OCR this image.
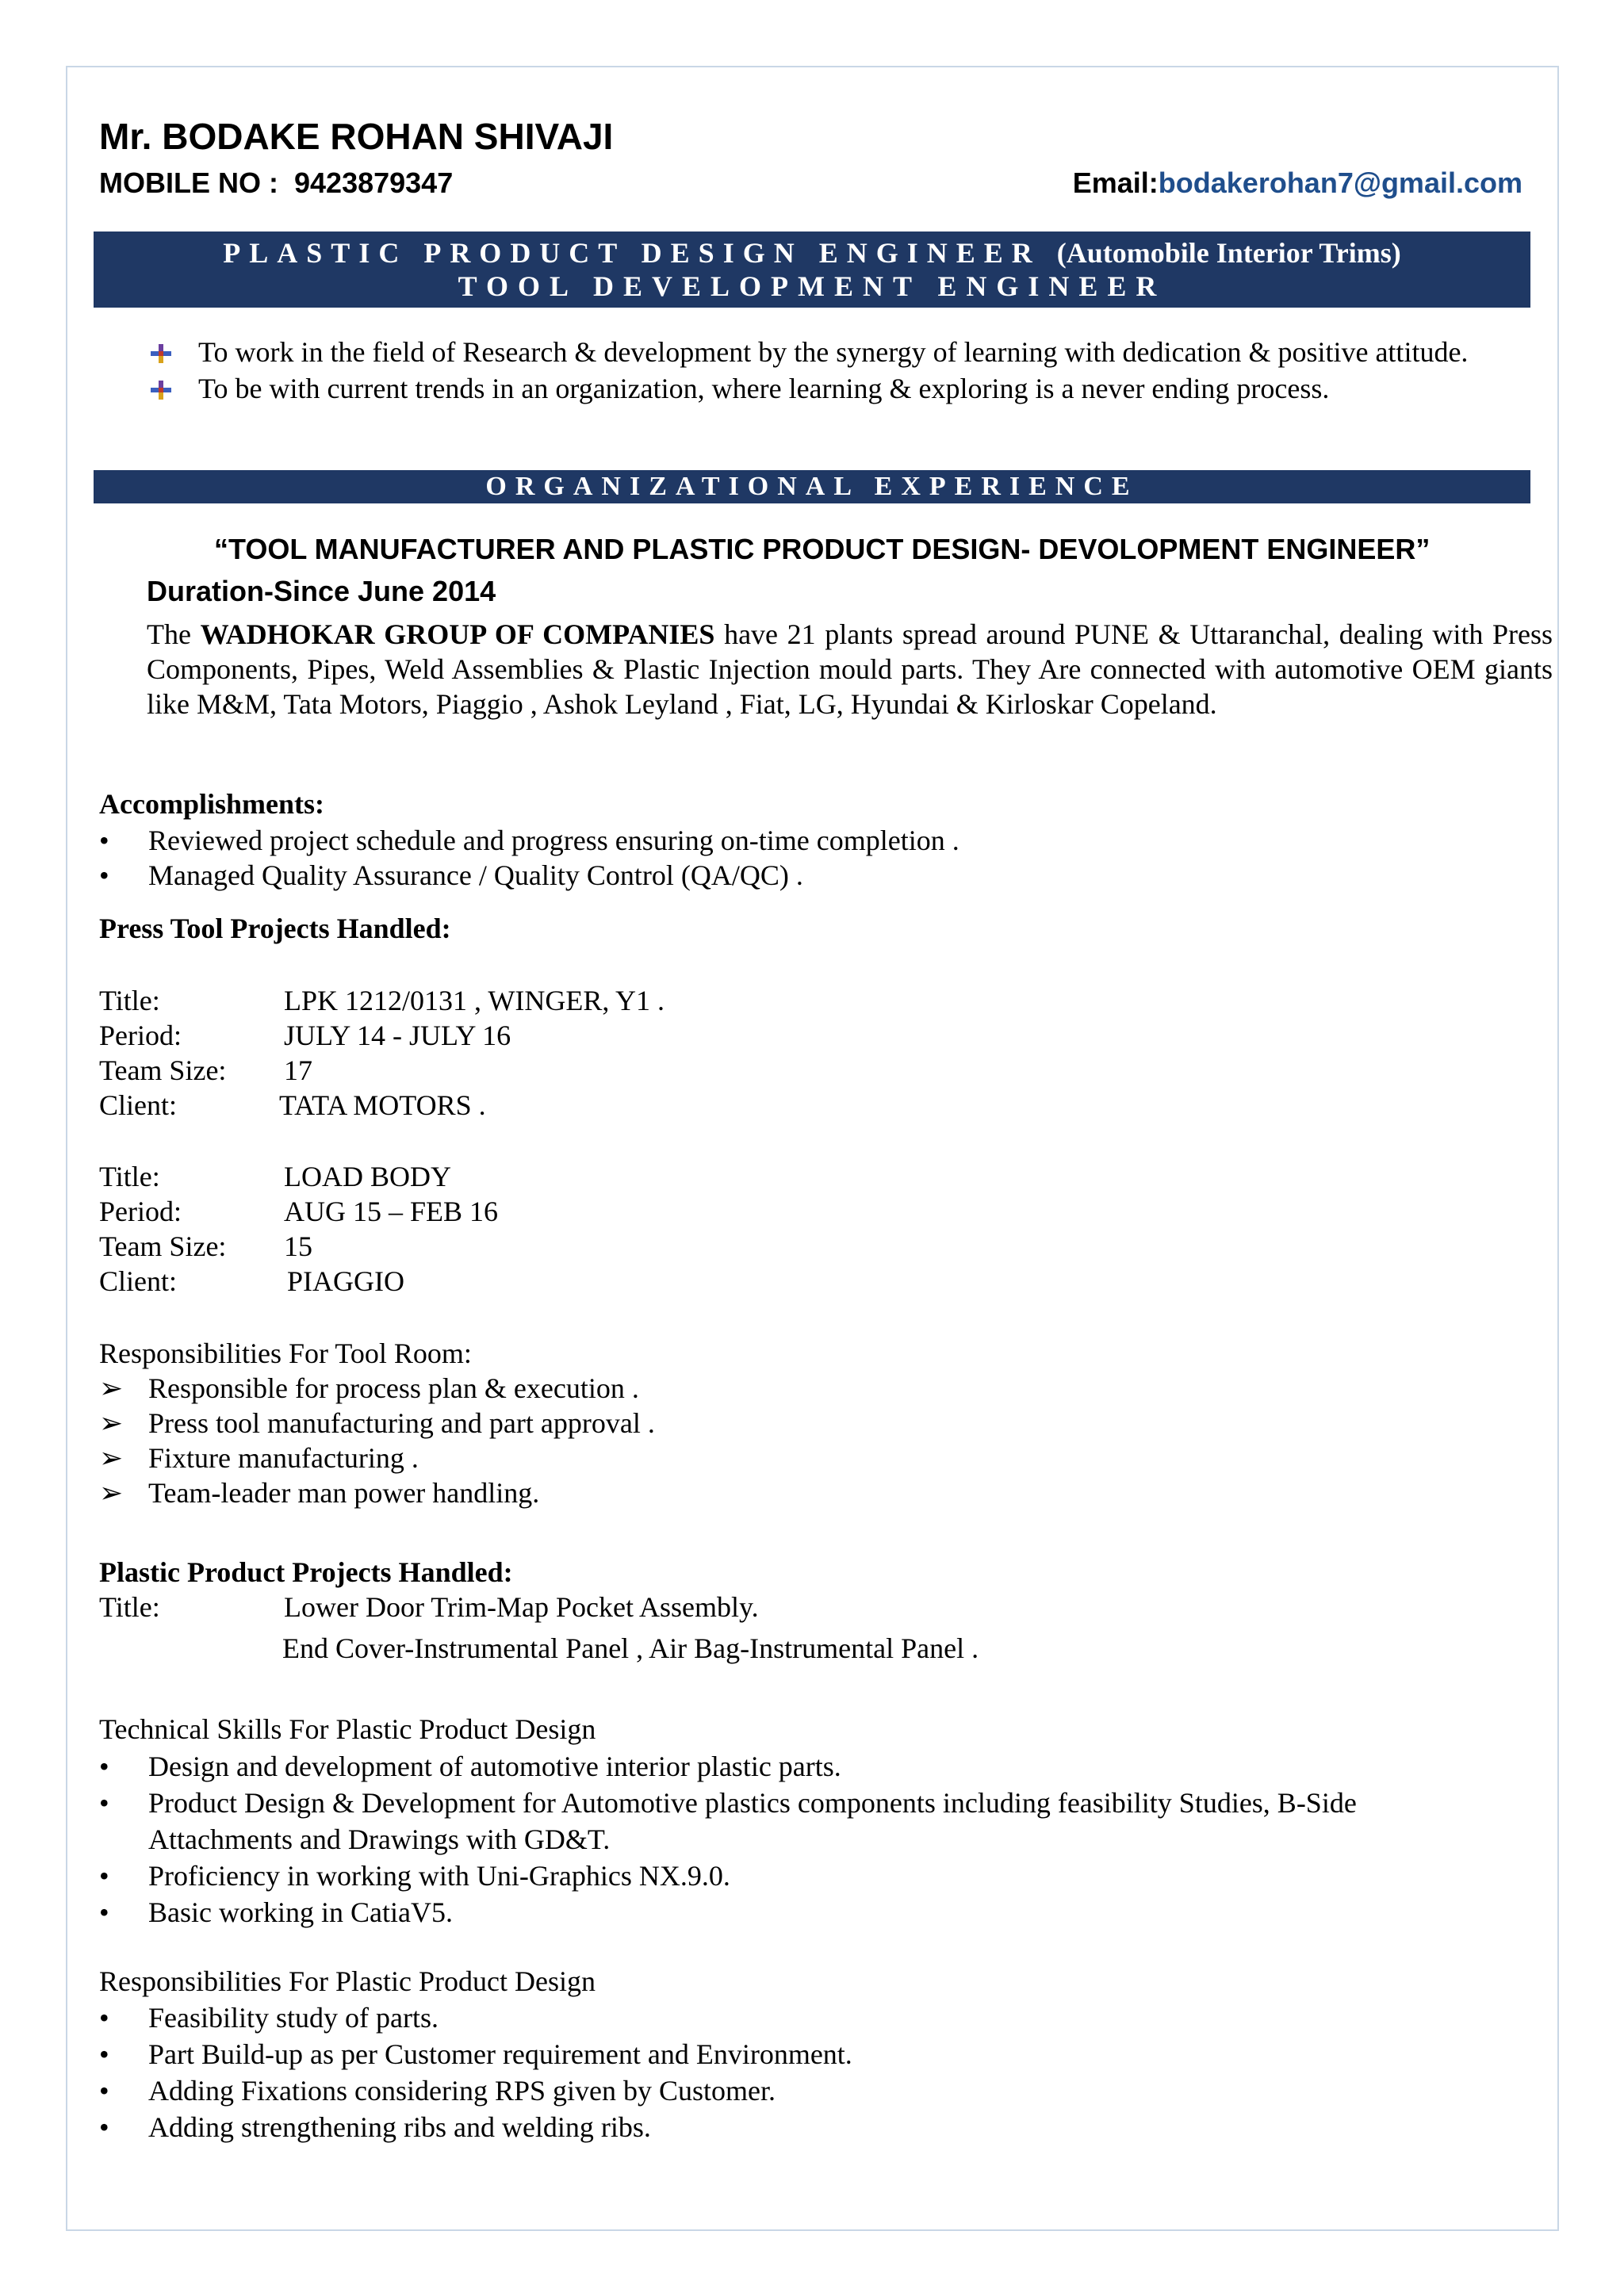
Mr. BODAKE ROHAN SHIVAJI
MOBILE NO : 9423879347	Email:bodakerohan7@gmail.com
PLASTIC PRODUCT DESIGN ENGINEER (Automobile Interior Trims)
TOOL DEVELOPMENT ENGINEER
To work in the field of Research & development by the synergy of learning with dedication & positive attitude.
To be with current trends in an organization, where learning & exploring is a never ending process.
ORGANIZATIONAL EXPERIENCE
“TOOL MANUFACTURER AND PLASTIC PRODUCT DESIGN- DEVOLOPMENT ENGINEER”
Duration-Since June 2014
The WADHOKAR GROUP OF COMPANIES have 21 plants spread around PUNE & Uttaranchal, dealing with Press Components, Pipes, Weld Assemblies & Plastic Injection mould parts. They Are connected with automotive OEM giants like M&M, Tata Motors, Piaggio , Ashok Leyland , Fiat, LG, Hyundai & Kirloskar Copeland.
Accomplishments:
•	Reviewed project schedule and progress ensuring on-time completion .
•	Managed Quality Assurance / Quality Control (QA/QC) .
Press Tool Projects Handled:
Title:	LPK 1212/0131 , WINGER, Y1 .
Period:	JULY 14 - JULY 16
Team Size: 17
Client:	TATA MOTORS .
Title:	LOAD BODY
Period:	AUG 15 – FEB 16
Team Size: 15
Client:	PIAGGIO
Responsibilities For Tool Room:
➢ Responsible for process plan & execution .
➢ Press tool manufacturing and part approval .
➢ Fixture manufacturing .
➢ Team-leader man power handling.
Plastic Product Projects Handled:
Title:	Lower Door Trim-Map Pocket Assembly.
End Cover-Instrumental Panel , Air Bag-Instrumental Panel .
Technical Skills For Plastic Product Design
•	Design and development of automotive interior plastic parts.
•	Product Design & Development for Automotive plastics components including feasibility Studies, B-Side
Attachments and Drawings with GD&T.
•	Proficiency in working with Uni-Graphics NX.9.0.
•	Basic working in CatiaV5.
Responsibilities For Plastic Product Design
•	Feasibility study of parts.
•	Part Build-up as per Customer requirement and Environment.
•	Adding Fixations considering RPS given by Customer.
•	Adding strengthening ribs and welding ribs.
